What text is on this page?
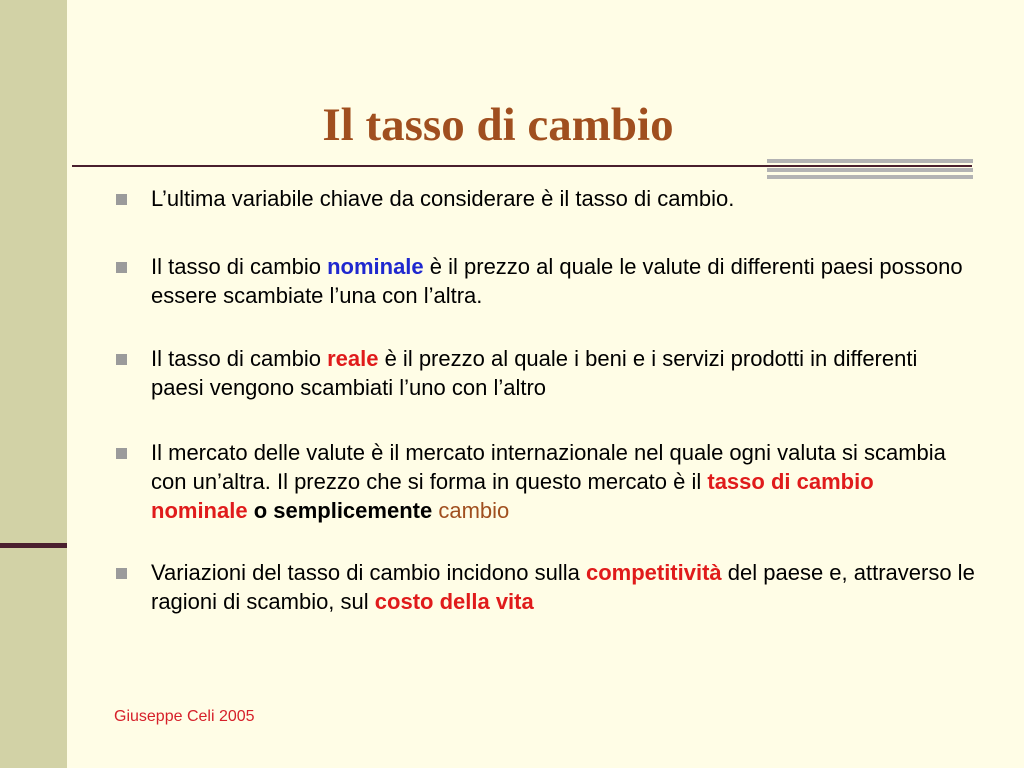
Il tasso di cambio
L’ultima variabile chiave da considerare è il tasso di cambio.
Il tasso di cambio nominale è il prezzo al quale le valute di differenti paesi possono essere scambiate l’una con l’altra.
Il tasso di cambio reale è il prezzo al quale i beni e i servizi prodotti in differenti paesi vengono scambiati l’uno con l’altro
Il mercato delle valute è il mercato internazionale nel quale ogni valuta si scambia con un’altra. Il prezzo che si forma in questo mercato è il tasso di cambio nominale o semplicemente cambio
Variazioni del tasso di cambio incidono sulla competitività del paese e, attraverso le ragioni di scambio, sul costo della vita
Giuseppe Celi 2005
